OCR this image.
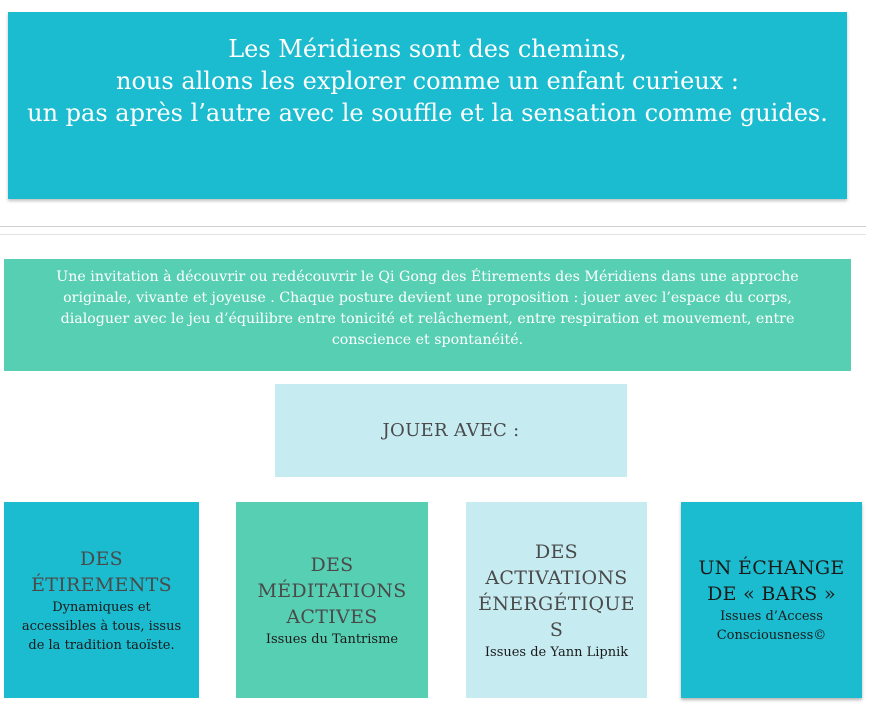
Les Méridiens sont des chemins,
nous allons les explorer comme un enfant curieux :
un pas après l’autre avec le souffle et la sensation comme guides.
Une invitation à découvrir ou redécouvrir le Qi Gong des Étirements des Méridiens dans une approche
originale, vivante et joyeuse . Chaque posture devient une proposition : jouer avec l’espace du corps,
dialoguer avec le jeu d’équilibre entre tonicité et relâchement, entre respiration et mouvement, entre
conscience et spontanéité.
JOUER AVEC :
DES
ÉTIREMENTS
Dynamiques et
accessibles à tous, issus
de la tradition taoïste.
DES
MÉDITATIONS
ACTIVES
Issues du Tantrisme
DES
ACTIVATIONS
ÉNERGÉTIQUE
S
Issues de Yann Lipnik
UN ÉCHANGE
DE « BARS »
Issues d’Access
Consciousness©
